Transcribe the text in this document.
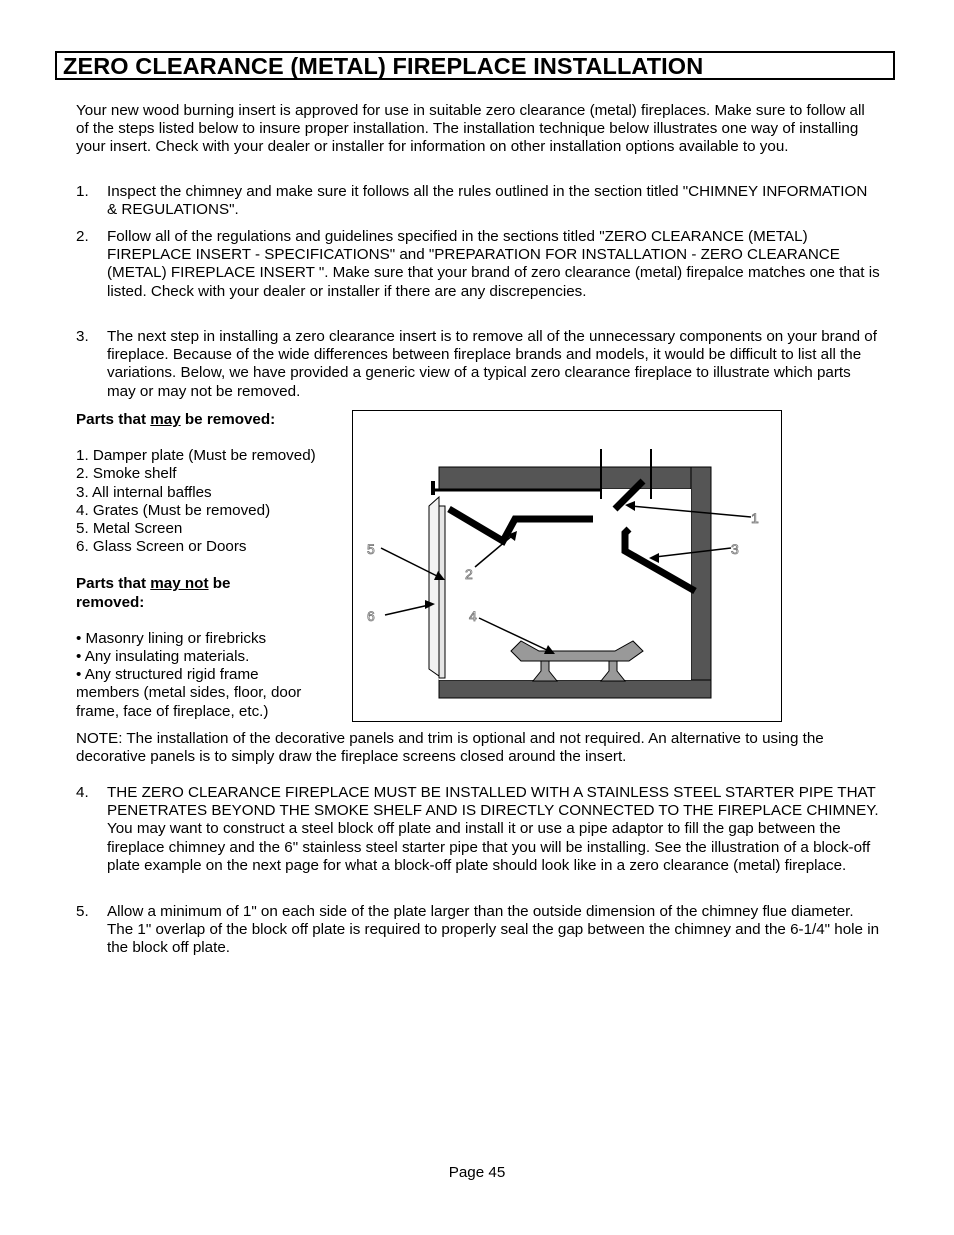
ZERO CLEARANCE (METAL) FIREPLACE INSTALLATION
Your new wood burning insert is approved for use in suitable zero clearance (metal) fireplaces. Make sure to follow all of the steps listed below to insure proper installation. The installation technique below illustrates one way of installing your insert. Check with your dealer or installer for information on other installation options available to you.
1. Inspect the chimney and make sure it follows all the rules outlined in the section titled "CHIMNEY INFORMATION & REGULATIONS".
2. Follow all of the regulations and guidelines specified in the sections titled "ZERO CLEARANCE (METAL) FIREPLACE INSERT - SPECIFICATIONS" and "PREPARATION FOR INSTALLATION - ZERO CLEARANCE (METAL) FIREPLACE INSERT ". Make sure that your brand of zero clearance (metal) firepalce matches one that is listed. Check with your dealer or installer if there are any discrepencies.
3. The next step in installing a zero clearance insert is to remove all of the unnecessary components on your brand of fireplace. Because of the wide differences between fireplace brands and models, it would be difficult to list all the variations. Below, we have provided a generic view of a typical zero clearance fireplace to illustrate which parts may or may not be removed.
Parts that may be removed:
1. Damper plate (Must be removed)
2. Smoke shelf
3. All internal baffles
4. Grates (Must be removed)
5. Metal Screen
6. Glass Screen or Doors
Parts that may not be
removed:
• Masonry lining or firebricks
• Any insulating materials.
• Any structured rigid frame
members (metal sides, floor, door
frame, face of fireplace, etc.)
1
2
3
4
5
6
NOTE: The installation of the decorative panels and trim is optional and not required. An alternative to using the decorative panels is to simply draw the fireplace screens closed around the insert.
4. THE ZERO CLEARANCE FIREPLACE MUST BE INSTALLED WITH A STAINLESS STEEL STARTER PIPE THAT PENETRATES BEYOND THE SMOKE SHELF AND IS DIRECTLY CONNECTED TO THE FIREPLACE CHIMNEY. You may want to construct a steel block off plate and install it or use a pipe adaptor to fill the gap between the fireplace chimney and the 6" stainless steel starter pipe that you will be installing. See the illustration of a block-off plate example on the next page for what a block-off plate should look like in a zero clearance (metal) fireplace.
5. Allow a minimum of 1" on each side of the plate larger than the outside dimension of the chimney flue diameter. The 1" overlap of the block off plate is required to properly seal the gap between the chimney and the 6-1/4" hole in the block off plate.
Page 45
